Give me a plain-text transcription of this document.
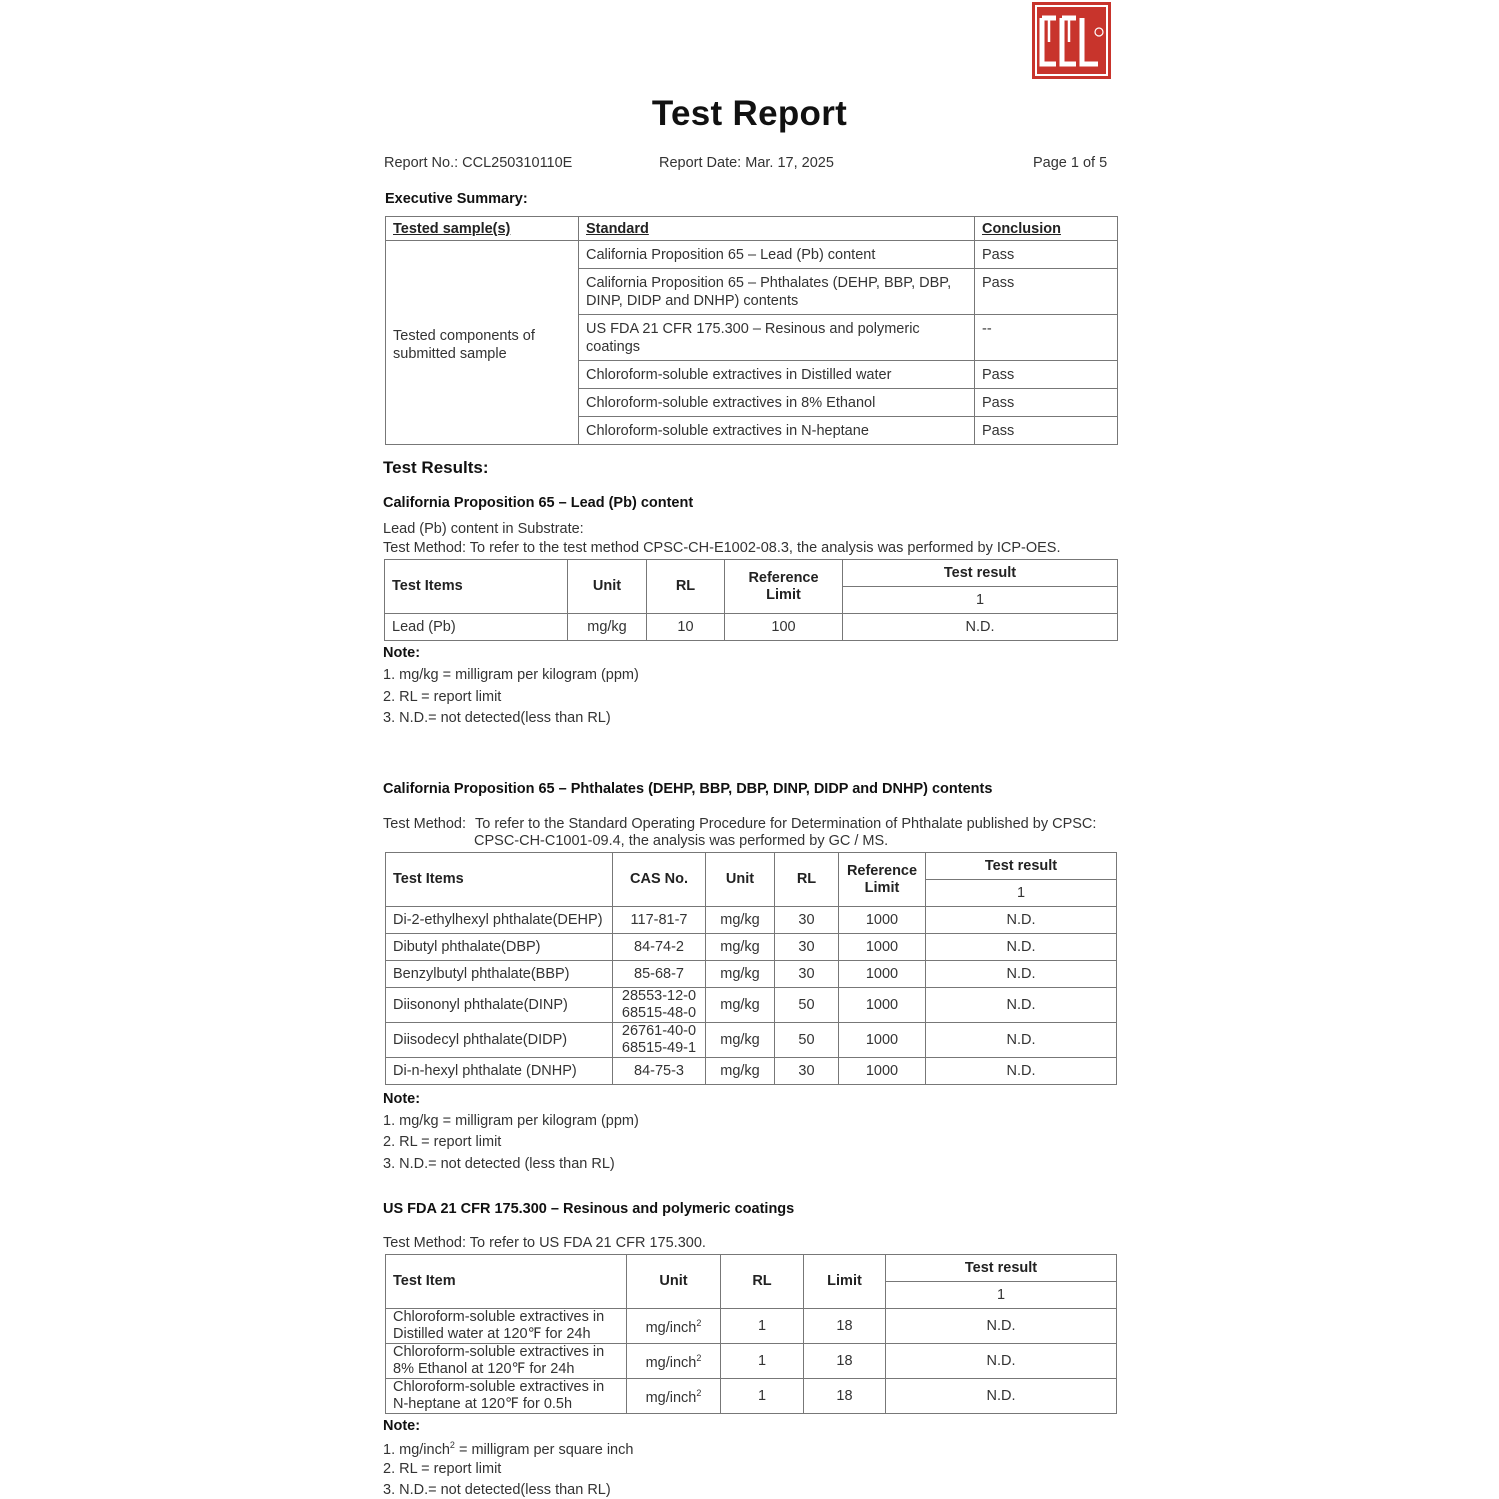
Test Report
Report No.: CCL250310110E	Report Date: Mar. 17, 2025	Page 1 of 5
Executive Summary:
Tested sample(s)	Standard	Conclusion
Tested components of submitted sample	California Proposition 65 – Lead (Pb) content	Pass
	California Proposition 65 – Phthalates (DEHP, BBP, DBP, DINP, DIDP and DNHP) contents	Pass
	US FDA 21 CFR 175.300 – Resinous and polymeric coatings	--
	Chloroform-soluble extractives in Distilled water	Pass
	Chloroform-soluble extractives in 8% Ethanol	Pass
	Chloroform-soluble extractives in N-heptane	Pass
Test Results:
California Proposition 65 – Lead (Pb) content
Lead (Pb) content in Substrate:
Test Method: To refer to the test method CPSC-CH-E1002-08.3, the analysis was performed by ICP-OES.
Test Items	Unit	RL	Reference Limit	Test result
				1
Lead (Pb)	mg/kg	10	100	N.D.
Note:
1. mg/kg = milligram per kilogram (ppm)
2. RL = report limit
3. N.D.= not detected(less than RL)
California Proposition 65 – Phthalates (DEHP, BBP, DBP, DINP, DIDP and DNHP) contents
Test Method: To refer to the Standard Operating Procedure for Determination of Phthalate published by CPSC:
CPSC-CH-C1001-09.4, the analysis was performed by GC / MS.
Test Items	CAS No.	Unit	RL	Reference Limit	Test result
					1
Di-2-ethylhexyl phthalate(DEHP)	117-81-7	mg/kg	30	1000	N.D.
Dibutyl phthalate(DBP)	84-74-2	mg/kg	30	1000	N.D.
Benzylbutyl phthalate(BBP)	85-68-7	mg/kg	30	1000	N.D.
Diisononyl phthalate(DINP)	28553-12-0
68515-48-0	mg/kg	50	1000	N.D.
Diisodecyl phthalate(DIDP)	26761-40-0
68515-49-1	mg/kg	50	1000	N.D.
Di-n-hexyl phthalate (DNHP)	84-75-3	mg/kg	30	1000	N.D.
Note:
1. mg/kg = milligram per kilogram (ppm)
2. RL = report limit
3. N.D.= not detected (less than RL)
US FDA 21 CFR 175.300 – Resinous and polymeric coatings
Test Method: To refer to US FDA 21 CFR 175.300.
Test Item	Unit	RL	Limit	Test result
				1

Chloroform-soluble extractives in
Distilled water at 120℉ for 24h	mg/inch$^2$	1	18	N.D.

Chloroform-soluble extractives in
8% Ethanol at 120℉ for 24h	mg/inch$^2$	1	18	N.D.

Chloroform-soluble extractives in
N-heptane at 120℉ for 0.5h	mg/inch$^2$	1	18	N.D.
Note:
1. mg/inch$^2$ = milligram per square inch
2. RL = report limit
3. N.D.= not detected(less than RL)
